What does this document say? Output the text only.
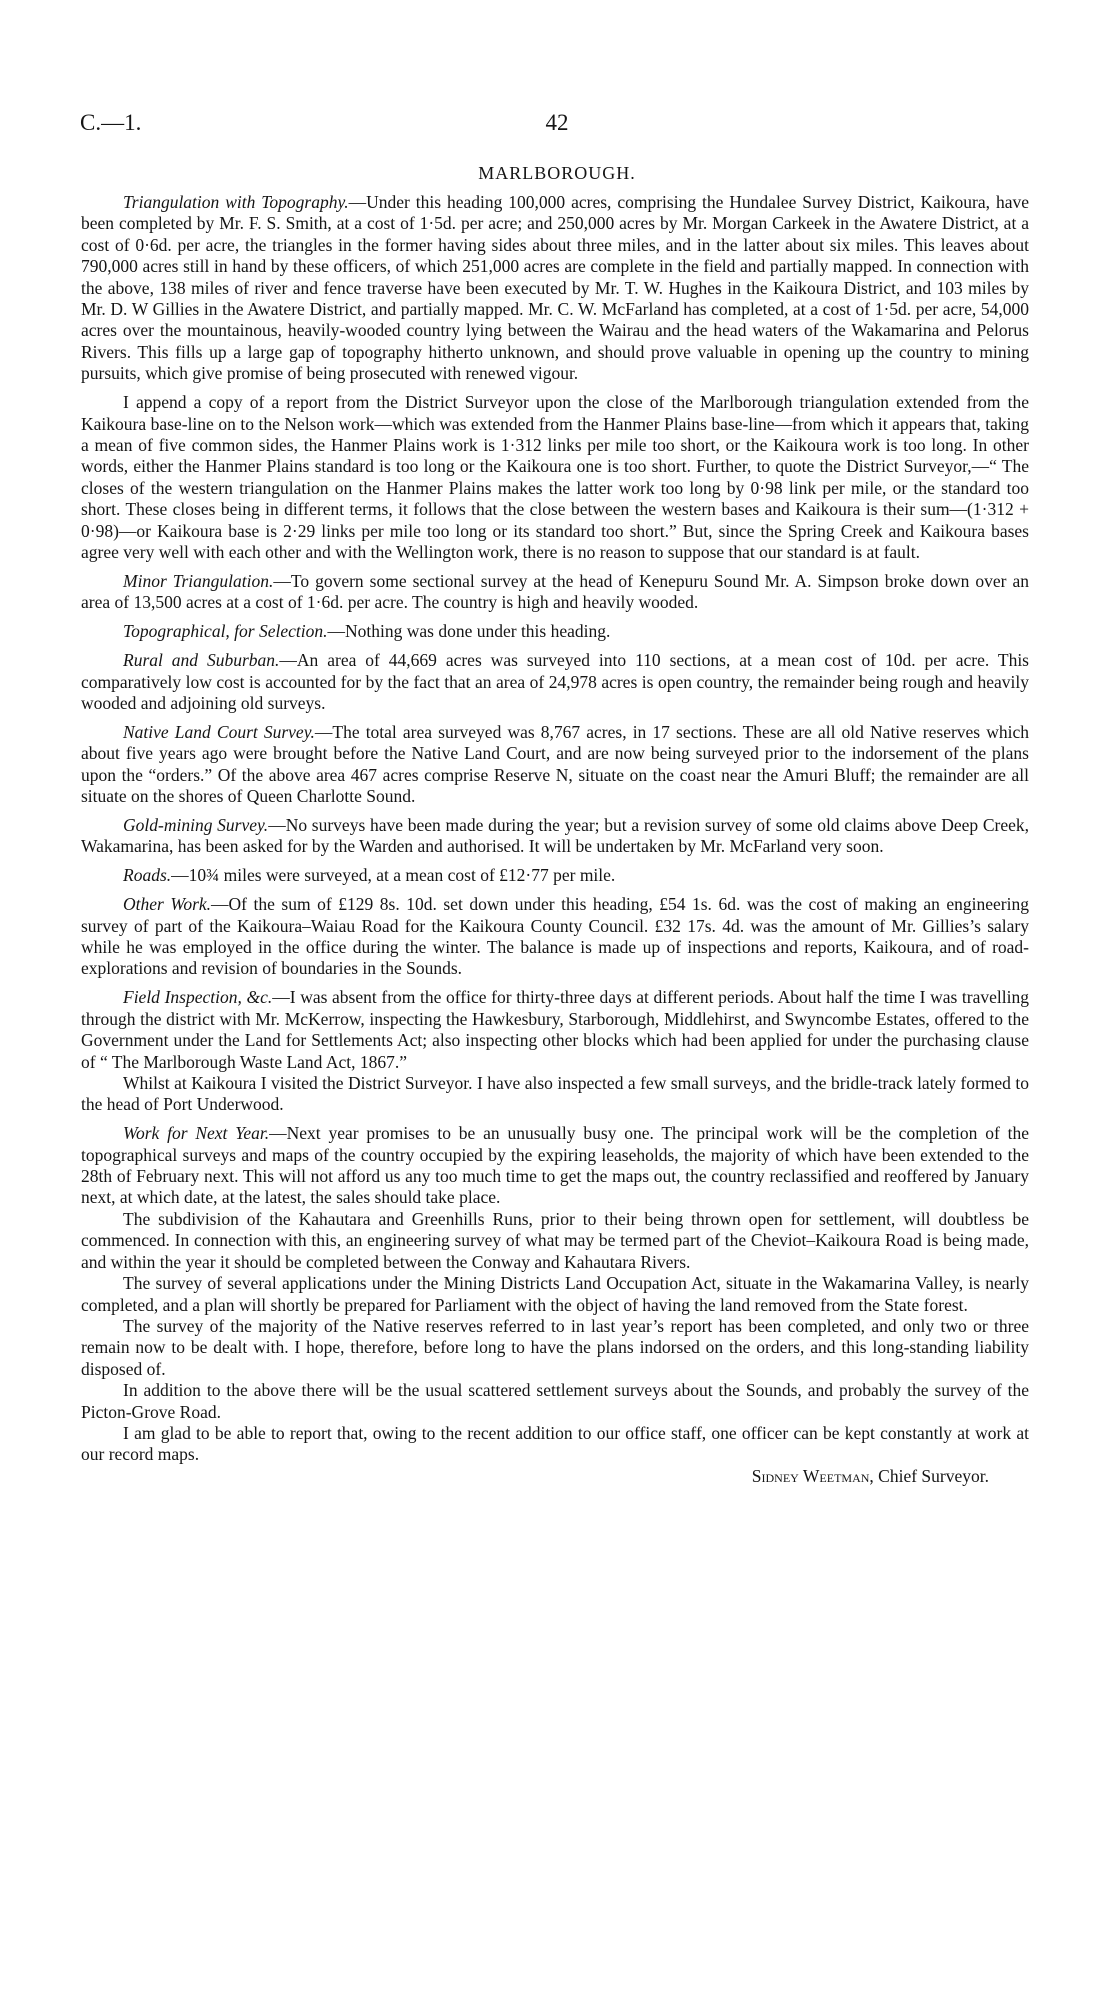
C.—1.	42
MARLBOROUGH.

Triangulation with Topography.—Under this heading 100,000 acres, comprising the Hundalee Survey District, Kaikoura, have been completed by Mr. F. S. Smith, at a cost of 1·5d. per acre; and 250,000 acres by Mr. Morgan Carkeek in the Awatere District, at a cost of 0·6d. per acre, the triangles in the former having sides about three miles, and in the latter about six miles. This leaves about 790,000 acres still in hand by these officers, of which 251,000 acres are complete in the field and partially mapped. In connection with the above, 138 miles of river and fence traverse have been executed by Mr. T. W. Hughes in the Kaikoura District, and 103 miles by Mr. D. W Gillies in the Awatere District, and partially mapped. Mr. C. W. McFarland has completed, at a cost of 1·5d. per acre, 54,000 acres over the mountainous, heavily-wooded country lying between the Wairau and the head waters of the Wakamarina and Pelorus Rivers. This fills up a large gap of topography hitherto unknown, and should prove valuable in opening up the country to mining pursuits, which give promise of being prosecuted with renewed vigour.

I append a copy of a report from the District Surveyor upon the close of the Marlborough triangulation extended from the Kaikoura base-line on to the Nelson work—which was extended from the Hanmer Plains base-line—from which it appears that, taking a mean of five common sides, the Hanmer Plains work is 1·312 links per mile too short, or the Kaikoura work is too long. In other words, either the Hanmer Plains standard is too long or the Kaikoura one is too short. Further, to quote the District Surveyor,—“ The closes of the western triangulation on the Hanmer Plains makes the latter work too long by 0·98 link per mile, or the standard too short. These closes being in different terms, it follows that the close between the western bases and Kaikoura is their sum—(1·312 + 0·98)—or Kaikoura base is 2·29 links per mile too long or its standard too short.” But, since the Spring Creek and Kaikoura bases agree very well with each other and with the Wellington work, there is no reason to suppose that our standard is at fault.

Minor Triangulation.—To govern some sectional survey at the head of Kenepuru Sound Mr. A. Simpson broke down over an area of 13,500 acres at a cost of 1·6d. per acre. The country is high and heavily wooded.

Topographical, for Selection.—Nothing was done under this heading.

Rural and Suburban.—An area of 44,669 acres was surveyed into 110 sections, at a mean cost of 10d. per acre. This comparatively low cost is accounted for by the fact that an area of 24,978 acres is open country, the remainder being rough and heavily wooded and adjoining old surveys.

Native Land Court Survey.—The total area surveyed was 8,767 acres, in 17 sections. These are all old Native reserves which about five years ago were brought before the Native Land Court, and are now being surveyed prior to the indorsement of the plans upon the “orders.” Of the above area 467 acres comprise Reserve N, situate on the coast near the Amuri Bluff; the remainder are all situate on the shores of Queen Charlotte Sound.

Gold-mining Survey.—No surveys have been made during the year; but a revision survey of some old claims above Deep Creek, Wakamarina, has been asked for by the Warden and authorised. It will be undertaken by Mr. McFarland very soon.

Roads.—10¾ miles were surveyed, at a mean cost of £12·77 per mile.

Other Work.—Of the sum of £129 8s. 10d. set down under this heading, £54 1s. 6d. was the cost of making an engineering survey of part of the Kaikoura–Waiau Road for the Kaikoura County Council. £32 17s. 4d. was the amount of Mr. Gillies’s salary while he was employed in the office during the winter. The balance is made up of inspections and reports, Kaikoura, and of road-explorations and revision of boundaries in the Sounds.

Field Inspection, &c.—I was absent from the office for thirty-three days at different periods. About half the time I was travelling through the district with Mr. McKerrow, inspecting the Hawkesbury, Starborough, Middlehirst, and Swyncombe Estates, offered to the Government under the Land for Settlements Act; also inspecting other blocks which had been applied for under the purchasing clause of “ The Marlborough Waste Land Act, 1867.”

Whilst at Kaikoura I visited the District Surveyor. I have also inspected a few small surveys, and the bridle-track lately formed to the head of Port Underwood.

Work for Next Year.—Next year promises to be an unusually busy one. The principal work will be the completion of the topographical surveys and maps of the country occupied by the expiring leaseholds, the majority of which have been extended to the 28th of February next. This will not afford us any too much time to get the maps out, the country reclassified and reoffered by January next, at which date, at the latest, the sales should take place.

The subdivision of the Kahautara and Greenhills Runs, prior to their being thrown open for settlement, will doubtless be commenced. In connection with this, an engineering survey of what may be termed part of the Cheviot–Kaikoura Road is being made, and within the year it should be completed between the Conway and Kahautara Rivers.

The survey of several applications under the Mining Districts Land Occupation Act, situate in the Wakamarina Valley, is nearly completed, and a plan will shortly be prepared for Parliament with the object of having the land removed from the State forest.

The survey of the majority of the Native reserves referred to in last year’s report has been completed, and only two or three remain now to be dealt with. I hope, therefore, before long to have the plans indorsed on the orders, and this long-standing liability disposed of.

In addition to the above there will be the usual scattered settlement surveys about the Sounds, and probably the survey of the Picton-Grove Road.

I am glad to be able to report that, owing to the recent addition to our office staff, one officer can be kept constantly at work at our record maps.

Sidney Weetman, Chief Surveyor.
